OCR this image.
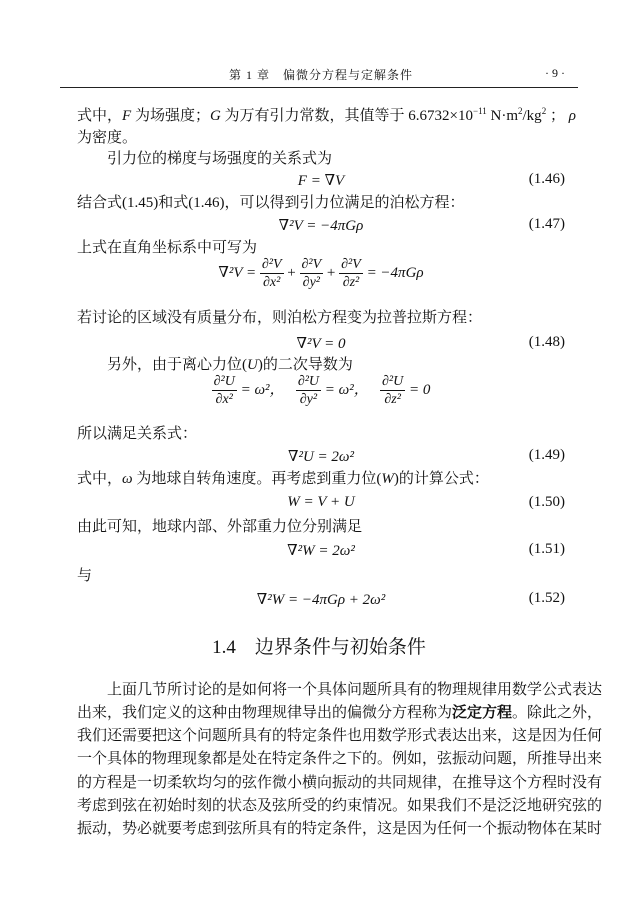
第 1 章　偏微分方程与定解条件	· 9 ·
式中，F 为场强度；G 为万有引力常数，其值等于 $6.6732\times 10^{-11}$ $N\cdot m^2/kg^2$ ； ρ
为密度。
引力位的梯度与场强度的关系式为
F = ∇V	(1.46)
结合式(1.45)和式(1.46)，可以得到引力位满足的泊松方程：
∇²V = −4πGρ	(1.47)
上式在直角坐标系中可写为
$\nabla^2V = \frac{\text{∂²V}}{\text{∂x²}} + \frac{\text{∂²V}}{\text{∂y²}} + \frac{\text{∂²V}}{\text{∂z²}} = -4\pi G\rho$
若讨论的区域没有质量分布，则泊松方程变为拉普拉斯方程：
∇²V = 0	(1.48)
另外，由于离心力位(U)的二次导数为
$\frac{\text{∂²U}}{\text{∂x²}} = \omega^2$， $\frac{\text{∂²U}}{\text{∂y²}} = \omega^2$， $\frac{\text{∂²U}}{\text{∂z²}} = 0$
所以满足关系式：
∇²U = 2ω²	(1.49)
式中，ω 为地球自转角速度。再考虑到重力位(W)的计算公式：
W = V + U	(1.50)
由此可知，地球内部、外部重力位分别满足
∇²W = 2ω²	(1.51)
与
∇²W = −4πGρ + 2ω²	(1.52)
1.4　边界条件与初始条件
上面几节所讨论的是如何将一个具体问题所具有的物理规律用数学公式表达
出来，我们定义的这种由物理规律导出的偏微分方程称为泛定方程。除此之外，
我们还需要把这个问题所具有的特定条件也用数学形式表达出来，这是因为任何
一个具体的物理现象都是处在特定条件之下的。例如，弦振动问题，所推导出来
的方程是一切柔软均匀的弦作微小横向振动的共同规律，在推导这个方程时没有
考虑到弦在初始时刻的状态及弦所受的约束情况。如果我们不是泛泛地研究弦的
振动，势必就要考虑到弦所具有的特定条件，这是因为任何一个振动物体在某时
